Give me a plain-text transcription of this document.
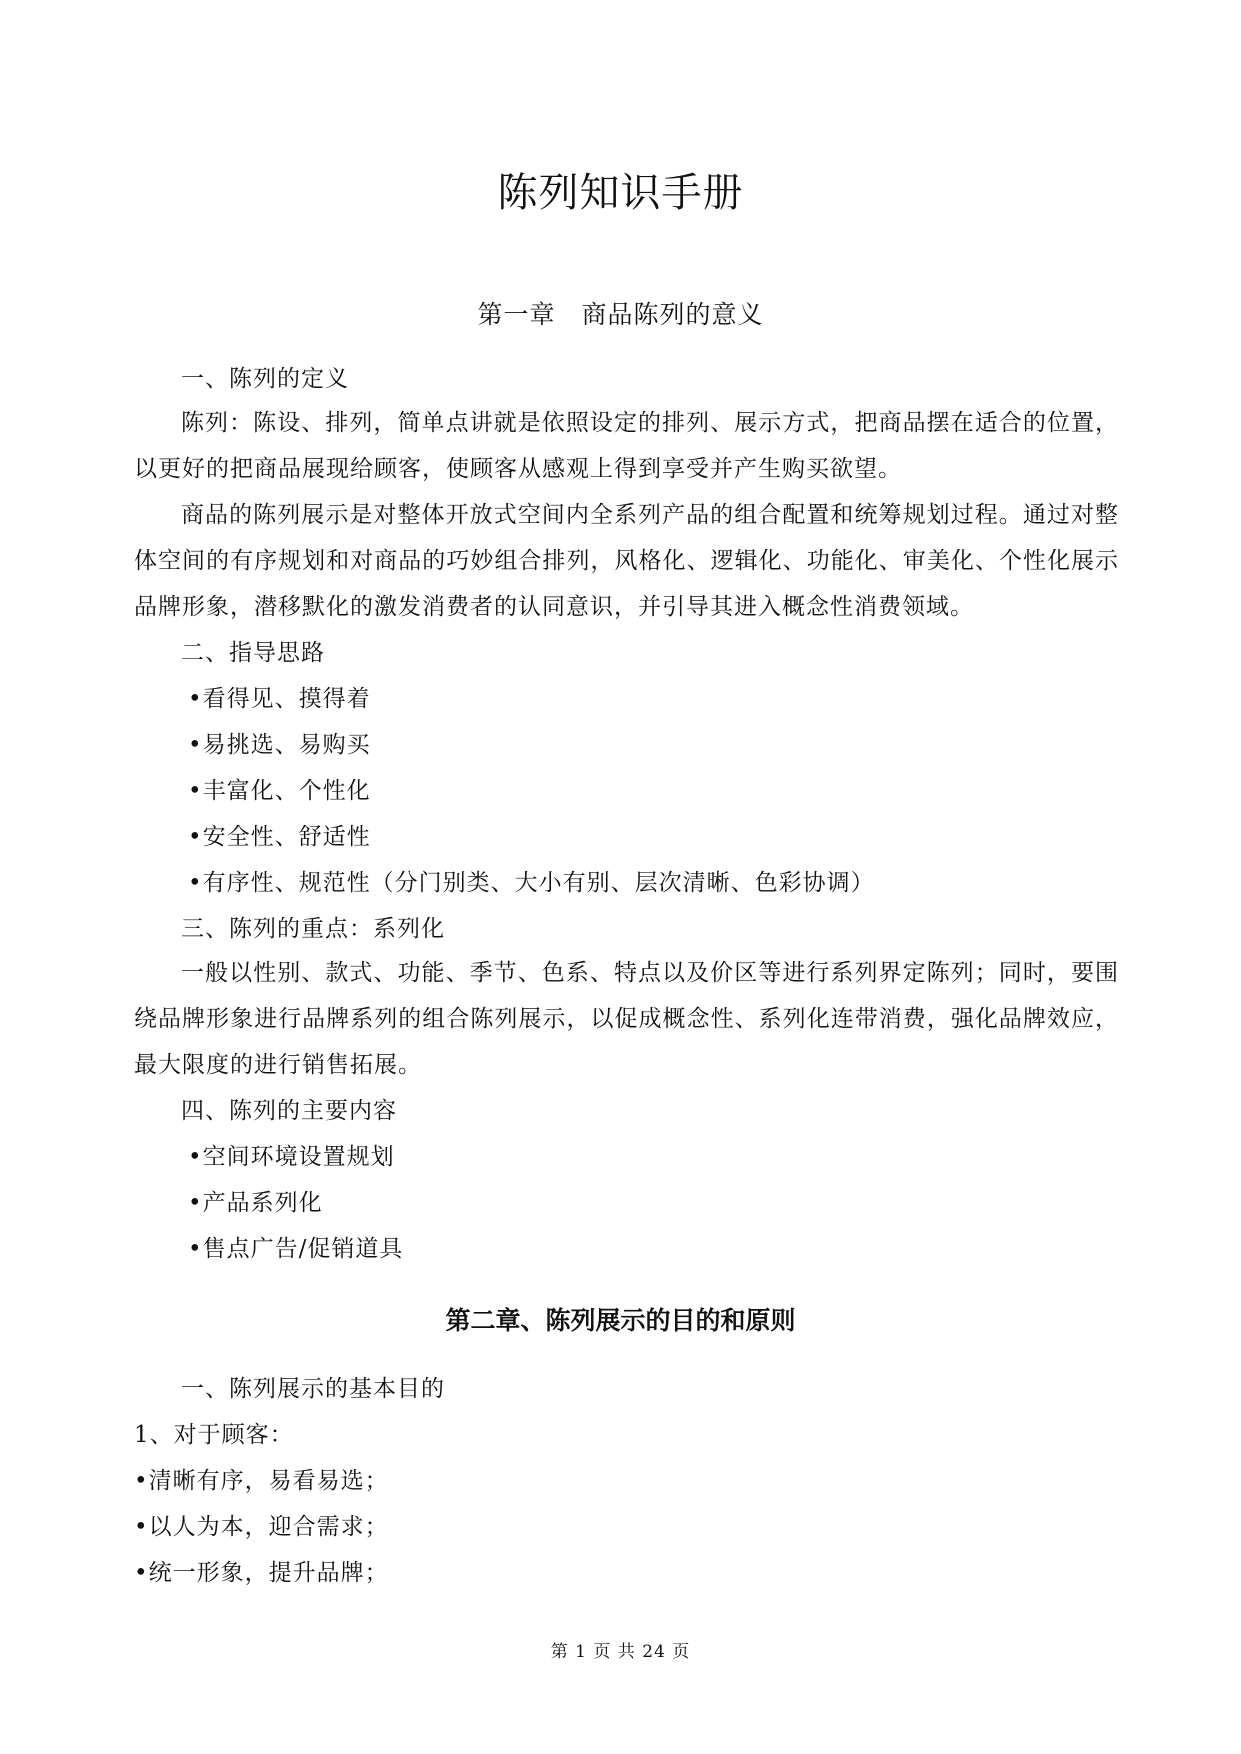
陈列知识手册
第一章　商品陈列的意义
一、陈列的定义
陈列：陈设、排列，简单点讲就是依照设定的排列、展示方式，把商品摆在适合的位置，以更好的把商品展现给顾客，使顾客从感观上得到享受并产生购买欲望。
商品的陈列展示是对整体开放式空间内全系列产品的组合配置和统筹规划过程。通过对整体空间的有序规划和对商品的巧妙组合排列，风格化、逻辑化、功能化、审美化、个性化展示品牌形象，潜移默化的激发消费者的认同意识，并引导其进入概念性消费领域。
二、指导思路
•看得见、摸得着
•易挑选、易购买
•丰富化、个性化
•安全性、舒适性
•有序性、规范性（分门别类、大小有别、层次清晰、色彩协调）
三、陈列的重点：系列化
一般以性别、款式、功能、季节、色系、特点以及价区等进行系列界定陈列；同时，要围绕品牌形象进行品牌系列的组合陈列展示，以促成概念性、系列化连带消费，强化品牌效应，最大限度的进行销售拓展。
四、陈列的主要内容
•空间环境设置规划
•产品系列化
•售点广告/促销道具
第二章、陈列展示的目的和原则
一、陈列展示的基本目的
1、对于顾客：
•清晰有序，易看易选；
•以人为本，迎合需求；
•统一形象，提升品牌；
第 1 页 共 24 页
